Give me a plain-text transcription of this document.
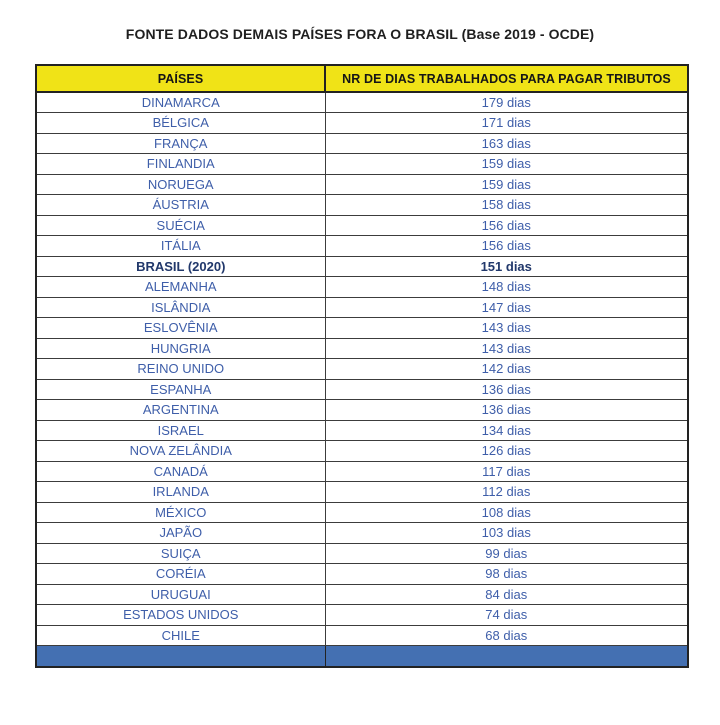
FONTE DADOS DEMAIS PAÍSES FORA O BRASIL (Base 2019 - OCDE)
PAÍSES	NR DE DIAS TRABALHADOS PARA PAGAR TRIBUTOS
DINAMARCA	179 dias
BÉLGICA	171 dias
FRANÇA	163 dias
FINLANDIA	159 dias
NORUEGA	159 dias
ÁUSTRIA	158 dias
SUÉCIA	156 dias
ITÁLIA	156 dias
BRASIL (2020)	151 dias
ALEMANHA	148 dias
ISLÂNDIA	147 dias
ESLOVÊNIA	143 dias
HUNGRIA	143 dias
REINO UNIDO	142 dias
ESPANHA	136 dias
ARGENTINA	136 dias
ISRAEL	134 dias
NOVA ZELÂNDIA	126 dias
CANADÁ	117 dias
IRLANDA	112 dias
MÉXICO	108 dias
JAPÃO	103 dias
SUIÇA	99 dias
CORÉIA	98 dias
URUGUAI	84 dias
ESTADOS UNIDOS	74 dias
CHILE	68 dias
